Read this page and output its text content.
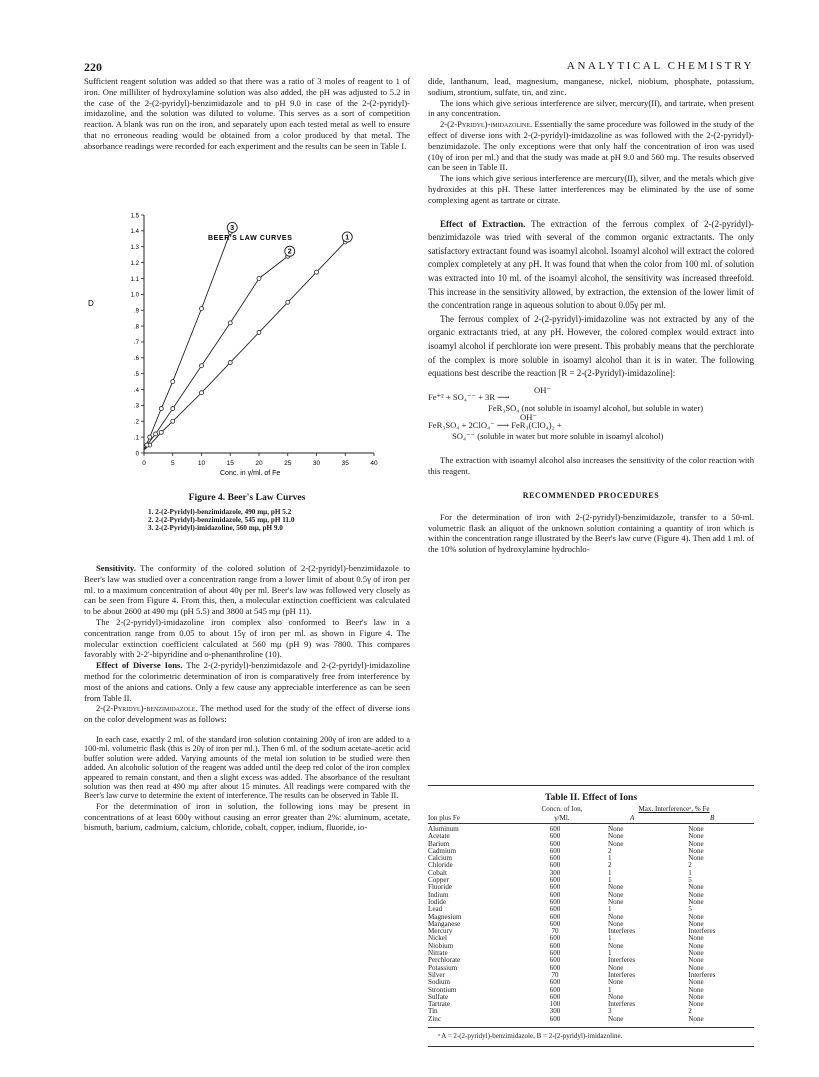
220	ANALYTICAL CHEMISTRY

Sufficient reagent solution was added so that there was a ratio of 3 moles of reagent to 1 of iron. One milliliter of hydroxylamine solution was also added, the pH was adjusted to 5.2 in the case of the 2-(2-pyridyl)-benzimidazole and to pH 9.0 in case of the 2-(2-pyridyl)-imidazoline, and the solution was diluted to volume. This serves as a sort of competition reaction. A blank was run on the iron, and separately upon each tested metal as well to ensure that no erroneous reading would be obtained from a color produced by that metal. The absorbance readings were recorded for each experiment and the results can be seen in Table I.

0	5	10	15	20	25	30	35	40
0
.1
.2
.3
.4
.5
.6
.7
.8
.9
1.0
1.1
1.2
1.3
1.4
1.5
1
2
3
BEER'S LAW CURVES
D
Conc. in γ/ml. of Fe
Figure 4. Beer's Law Curves
1. 2-(2-Pyridyl)-benzimidazole, 490 mμ, pH 5.2
2. 2-(2-Pyridyl)-benzimidazole, 545 mμ, pH 11.0
3. 2-(2-Pyridyl)-imidazoline, 560 mμ, pH 9.0

Sensitivity. The conformity of the colored solution of 2-(2-pyridyl)-benzimidazole to Beer's law was studied over a concentration range from a lower limit of about 0.5γ of iron per ml. to a maximum concentration of about 40γ per ml. Beer's law was followed very closely as can be seen from Figure 4. From this, then, a molecular extinction coefficient was calculated to be about 2600 at 490 mμ (pH 5.5) and 3800 at 545 mμ (pH 11).

The 2-(2-pyridyl)-imidazoline iron complex also conformed to Beer's law in a concentration range from 0.05 to about 15γ of iron per ml. as shown in Figure 4. The molecular extinction coefficient calculated at 560 mμ (pH 9) was 7800. This compares favorably with 2-2'-bipyridine and o-phenanthroline (10).

Effect of Diverse Ions. The 2-(2-pyridyl)-benzimidazole and 2-(2-pyridyl)-imidazoline method for the colorimetric determination of iron is comparatively free from interference by most of the anions and cations. Only a few cause any appreciable interference as can be seen from Table II.

2-(2-Pyridyl)-benzimidazole. The method used for the study of the effect of diverse ions on the color development was as follows:

In each case, exactly 2 ml. of the standard iron solution containing 200γ of iron are added to a 100-ml. volumetric flask (this is 20γ of iron per ml.). Then 6 ml. of the sodium acetate–acetic acid buffer solution were added. Varying amounts of the metal ion solution to be studied were then added. An alcoholic solution of the reagent was added until the deep red color of the iron complex appeared to remain constant, and then a slight excess was added. The absorbance of the resultant solution was then read at 490 mμ after about 15 minutes. All readings were compared with the Beer's law curve to determine the extent of interference. The results can be observed in Table II.

For the determination of iron in solution, the following ions may be present in concentrations of at least 600γ without causing an error greater than 2%: aluminum, acetate, bismuth, barium, cadmium, calcium, chloride, cobalt, copper, indium, fluoride, io-

dide, lanthanum, lead, magnesium, manganese, nickel, niobium, phosphate, potassium, sodium, strontium, sulfate, tin, and zinc.

The ions which give serious interference are silver, mercury(II), and tartrate, when present in any concentration.

2-(2-Pyridyl)-imidazoline. Essentially the same procedure was followed in the study of the effect of diverse ions with 2-(2-pyridyl)-imidazoline as was followed with the 2-(2-pyridyl)-benzimidazole. The only exceptions were that only half the concentration of iron was used (10γ of iron per ml.) and that the study was made at pH 9.0 and 560 mμ. The results observed can be seen in Table II.

The ions which give serious interference are mercury(II), silver, and the metals which give hydroxides at this pH. These latter interferences may be eliminated by the use of some complexing agent as tartrate or citrate.

Effect of Extraction. The extraction of the ferrous complex of 2-(2-pyridyl)-benzimidazole was tried with several of the common organic extractants. The only satisfactory extractant found was isoamyl alcohol. Isoamyl alcohol will extract the colored complex completely at any pH. It was found that when the color from 100 ml. of solution was extracted into 10 ml. of the isoamyl alcohol, the sensitivity was increased threefold. This increase in the sensitivity allowed, by extraction, the extension of the lower limit of the concentration range in aqueous solution to about 0.05γ per ml.

The ferrous complex of 2-(2-pyridyl)-imidazoline was not extracted by any of the organic extractants tried, at any pH. However, the colored complex would extract into isoamyl alcohol if perchlorate ion were present. This probably means that the perchlorate of the complex is more soluble in isoamyl alcohol than it is in water. The following equations best describe the reaction [R = 2-(2-Pyridyl)-imidazoline]:

OH⁻
Fe⁺² + SO₄⁻⁻ + 3R ⟶
FeR₃SO₄ (not soluble in isoamyl alcohol, but soluble in water)
OH⁻
FeR₃SO₄ + 2ClO₄⁻ ⟶ FeR₃(ClO₄)₂ +
SO₄⁻⁻ (soluble in water but more soluble in isoamyl alcohol)

The extraction with isoamyl alcohol also increases the sensitivity of the color reaction with this reagent.

RECOMMENDED PROCEDURES

For the determination of iron with 2-(2-pyridyl)-benzimidazole, transfer to a 50-ml. volumetric flask an aliquot of the unknown solution containing a quantity of iron which is within the concentration range illustrated by the Beer's law curve (Figure 4). Then add 1 ml. of the 10% solution of hydroxylamine hydrochlo-

Table II. Effect of Ions
	Concn. of Ion,	Max. Interferenceᵃ, % Fe	
Ion plus Fe	γ/Ml.	A	B

Aluminum	600	None	None
Acetate	600	None	None
Barium	600	None	None
Cadmium	600	2	None
Calcium	600	1	None
Chloride	600	2	2
Cobalt	300	1	1
Copper	600	1	5
Fluoride	600	None	None
Indium	600	None	None
Iodide	600	None	None
Lead	600	1	5
Magnesium	600	None	None
Manganese	600	None	None
Mercury	70	Interferes	Interferes
Nickel	600	1	None
Niobium	600	None	None
Nitrate	600	1	None
Perchlorate	600	Interferes	None
Potassium	600	None	None
Silver	70	Interferes	Interferes
Sodium	600	None	None
Strontium	600	1	None
Sulfate	600	None	None
Tartrate	100	Interferes	None
Tin	300	3	2
Zinc	600	None	None
ᵃ A = 2-(2-pyridyl)-benzimidazole, B = 2-(2-pyridyl)-imidazoline.
